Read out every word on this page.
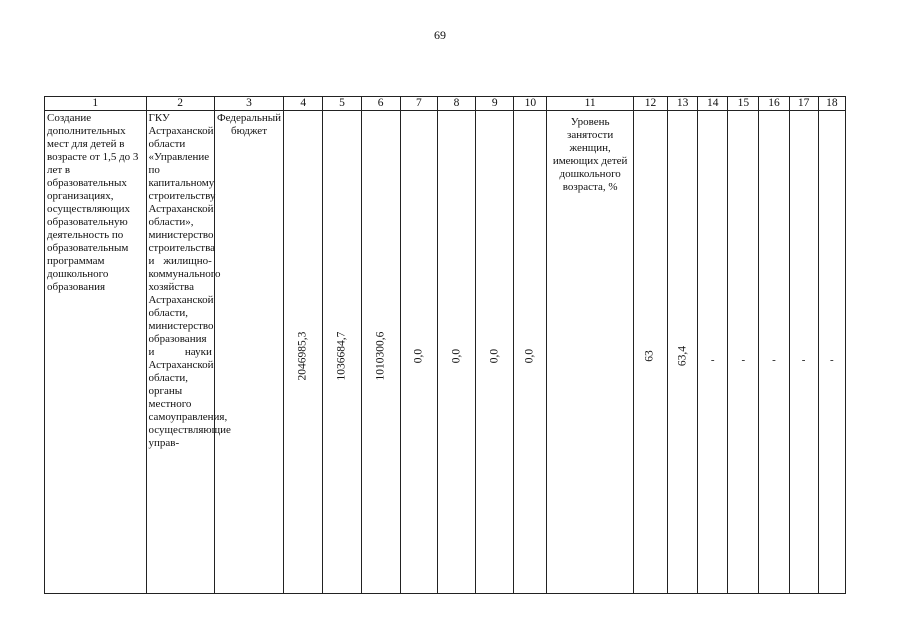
69
1	2	3	4	5	6	7	8	9	10	11	12	13	14	15	16	17	18

Создание дополнительных мест для детей в возрасте от 1,5 до 3 лет в образовательных организациях, осуществляющих образовательную деятельность по образовательным программам дошкольного образования	ГКУ Астраханской области «Управление по капитальному строительству Астраханской области», министерство строительства и жилищно-коммунального хозяйства Астраханской области, министерство образования и науки Астраханской области, органы местного самоуправления, осуществляющие управ-	Федеральный бюджет	2046985,3	1036684,7	1010300,6	0,0	0,0	0,0	0,0	Уровень занятости женщин, имеющих детей дошкольного возраста, %	63	63,4	-	-	-	-	-
